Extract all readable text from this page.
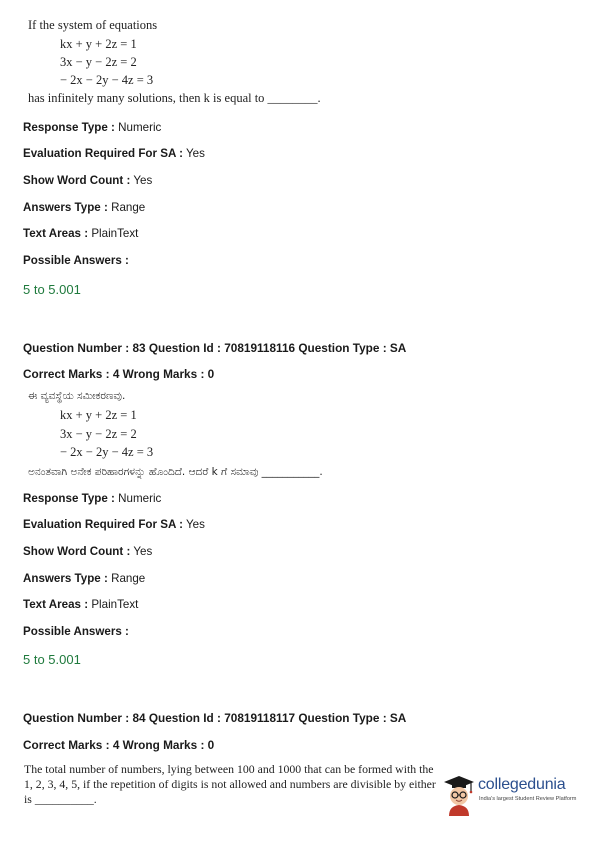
If the system of equations
kx + y + 2z = 1
3x − y − 2z = 2
− 2x − 2y − 4z = 3
has infinitely many solutions, then k is equal to ________.
Response Type : Numeric
Evaluation Required For SA : Yes
Show Word Count : Yes
Answers Type : Range
Text Areas : PlainText
Possible Answers :
5 to 5.001
Question Number : 83 Question Id : 70819118116 Question Type : SA
Correct Marks : 4 Wrong Marks : 0
ಈ ವ್ಯವಸ್ಥೆಯ ಸಮೀಕರಣವು.
kx + y + 2z = 1
3x − y − 2z = 2
− 2x − 2y − 4z = 3
ಅನಂತವಾಗಿ ಅನೇಕ ಪರಿಹಾರಗಳನ್ನು ಹೊಂದಿದೆ. ಆದರೆ k ಗೆ ಸಮಾವು ___________.
Response Type : Numeric
Evaluation Required For SA : Yes
Show Word Count : Yes
Answers Type : Range
Text Areas : PlainText
Possible Answers :
5 to 5.001
Question Number : 84 Question Id : 70819118117 Question Type : SA
Correct Marks : 4 Wrong Marks : 0
The total number of numbers, lying between 100 and 1000 that can be formed with the
1, 2, 3, 4, 5, if the repetition of digits is not allowed and numbers are divisible by either
is __________.
collegedunia
India's largest Student Review Platform
